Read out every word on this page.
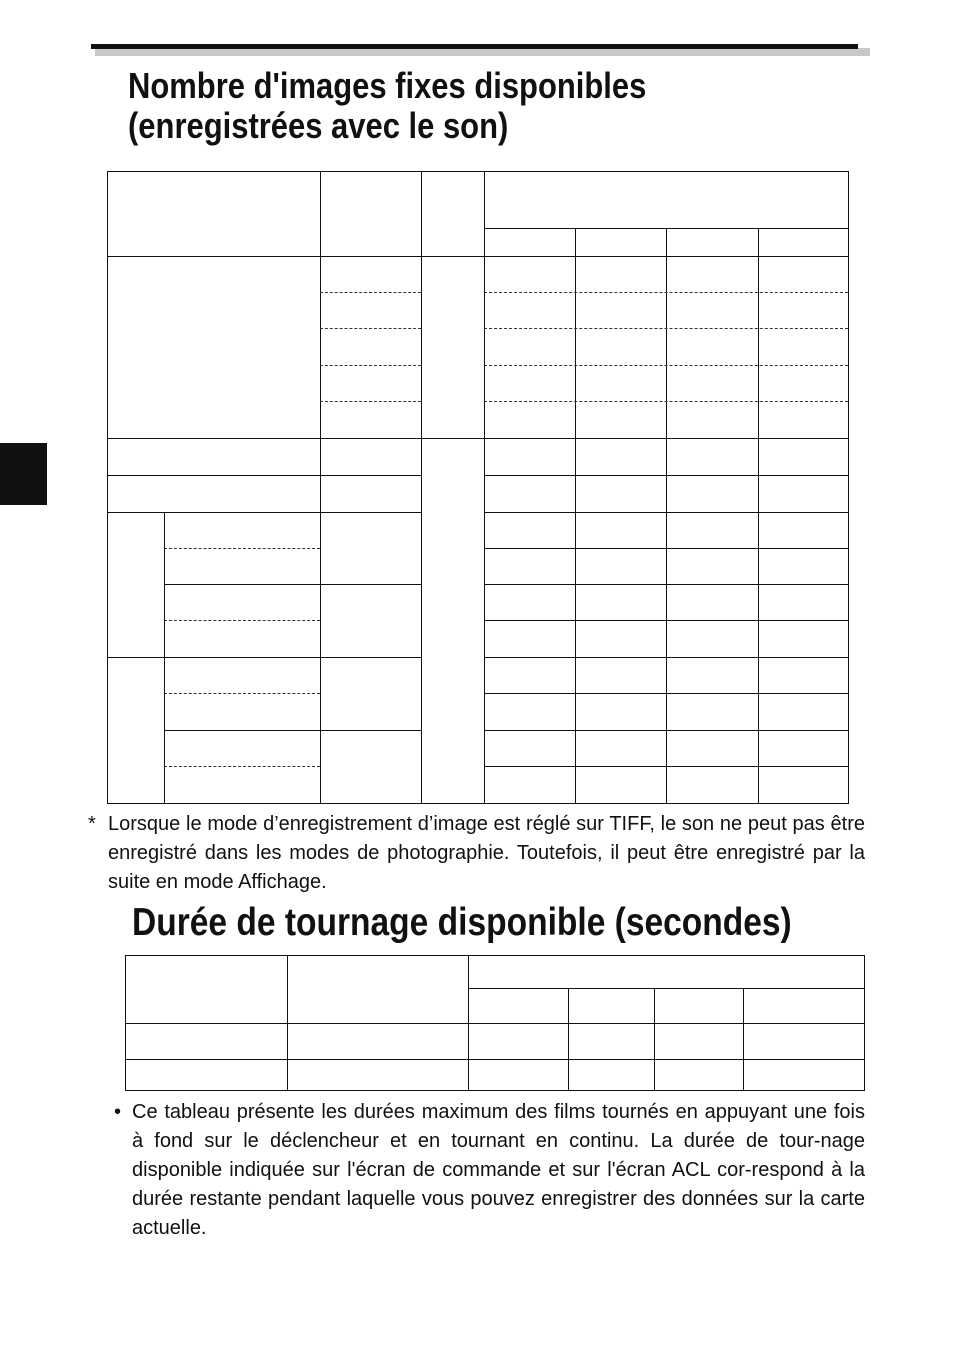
Nombre d'images fixes disponibles
(enregistrées avec le son)
* Lorsque le mode d’enregistrement d’image est réglé sur TIFF, le son ne peut pas être enregistré dans les modes de photographie. Toutefois, il peut être enregistré par la suite en mode Affichage.

Durée de tournage disponible (secondes)
• Ce tableau présente les durées maximum des films tournés en appuyant une fois à fond sur le déclencheur et en tournant en continu. La durée de tour-nage disponible indiquée sur l'écran de commande et sur l'écran ACL cor-respond à la durée restante pendant laquelle vous pouvez enregistrer des données sur la carte actuelle.
